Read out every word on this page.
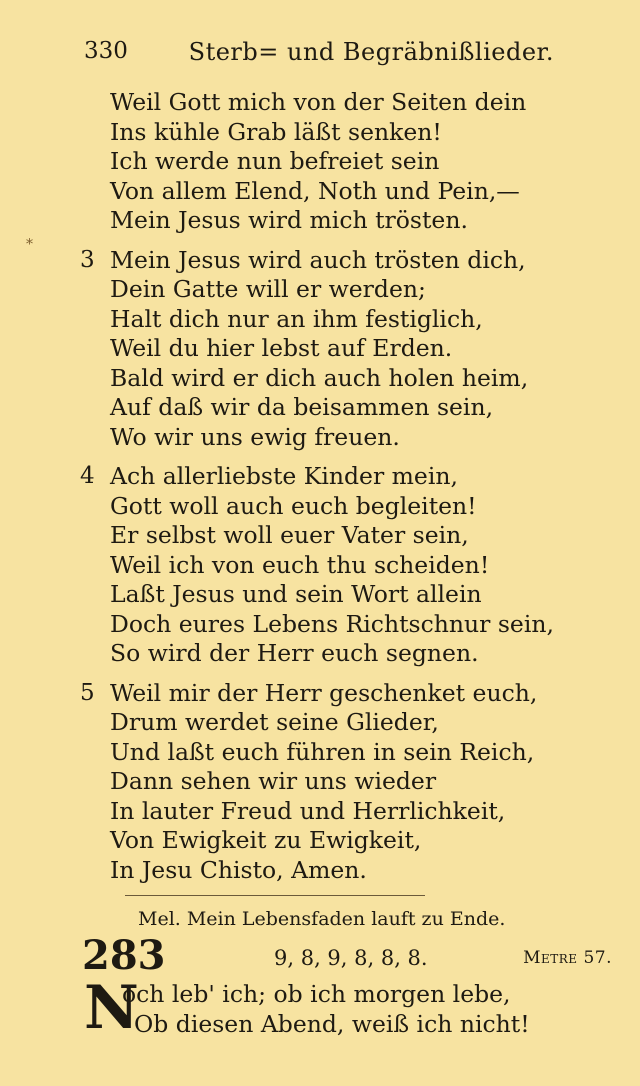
330	Sterb= und Begräbnißlieder.
⁎
Weil Gott mich von der Seiten dein
Ins kühle Grab läßt senken!
Ich werde nun befreiet sein
Von allem Elend, Noth und Pein,—
Mein Jesus wird mich trösten.
3 Mein Jesus wird auch trösten dich,
Dein Gatte will er werden;
Halt dich nur an ihm festiglich,
Weil du hier lebst auf Erden.
Bald wird er dich auch holen heim,
Auf daß wir da beisammen sein,
Wo wir uns ewig freuen.
4 Ach allerliebste Kinder mein,
Gott woll auch euch begleiten!
Er selbst woll euer Vater sein,
Weil ich von euch thu scheiden!
Laßt Jesus und sein Wort allein
Doch eures Lebens Richtschnur sein,
So wird der Herr euch segnen.
5 Weil mir der Herr geschenket euch,
Drum werdet seine Glieder,
Und laßt euch führen in sein Reich,
Dann sehen wir uns wieder
In lauter Freud und Herrlichkeit,
Von Ewigkeit zu Ewigkeit,
In Jesu Chisto, Amen.
Mel. Mein Lebensfaden lauft zu Ende.
283	9, 8, 9, 8, 8, 8.	Metre 57.
N
och leb' ich; ob ich morgen lebe,
Ob diesen Abend, weiß ich nicht!
